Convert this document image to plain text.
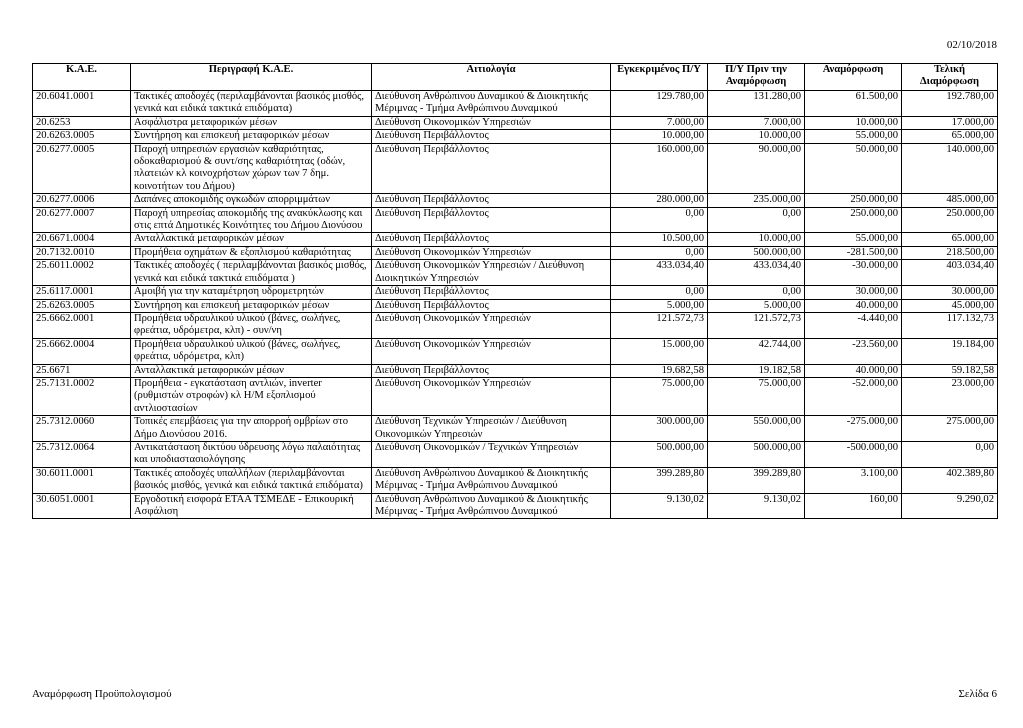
02/10/2018
Κ.Α.Ε.	Περιγραφή Κ.Α.Ε.	Αιτιολογία	Εγκεκριμένος Π/Υ	Π/Υ Πριν την Αναμόρφωση	Αναμόρφωση	Τελική Διαμόρφωση
20.6041.0001	Τακτικές αποδοχές (περιλαμβάνονται βασικός μισθός, γενικά και ειδικά τακτικά επιδόματα)	Διεύθυνση Ανθρώπινου Δυναμικού & Διοικητικής Μέριμνας - Τμήμα Ανθρώπινου Δυναμικού	129.780,00	131.280,00	61.500,00	192.780,00
20.6253	Ασφάλιστρα μεταφορικών μέσων	Διεύθυνση Οικονομικών Υπηρεσιών	7.000,00	7.000,00	10.000,00	17.000,00
20.6263.0005	Συντήρηση και επισκευή μεταφορικών μέσων	Διεύθυνση Περιβάλλοντος	10.000,00	10.000,00	55.000,00	65.000,00
20.6277.0005	Παροχή υπηρεσιών εργασιών καθαριότητας, οδοκαθαρισμού & συντ/σης καθαριότητας (οδών, πλατειών κλ κοινοχρήστων χώρων των 7 δημ. κοινοτήτων του Δήμου)	Διεύθυνση Περιβάλλοντος	160.000,00	90.000,00	50.000,00	140.000,00
20.6277.0006	Δαπάνες αποκομιδής ογκωδών απορριμμάτων	Διεύθυνση Περιβάλλοντος	280.000,00	235.000,00	250.000,00	485.000,00
20.6277.0007	Παροχή υπηρεσίας αποκομιδής της ανακύκλωσης και στις επτά Δημοτικές Κοινότητες του Δήμου Διονύσου	Διεύθυνση Περιβάλλοντος	0,00	0,00	250.000,00	250.000,00
20.6671.0004	Ανταλλακτικά μεταφορικών μέσων	Διεύθυνση Περιβάλλοντος	10.500,00	10.000,00	55.000,00	65.000,00
20.7132.0010	Προμήθεια οχημάτων & εξοπλισμού καθαριότητας	Διεύθυνση Οικονομικών Υπηρεσιών	0,00	500.000,00	-281.500,00	218.500,00
25.6011.0002	Τακτικές αποδοχές ( περιλαμβάνονται βασικός μισθός, γενικά και ειδικά τακτικά επιδόματα )	Διεύθυνση Οικονομικών Υπηρεσιών / Διεύθυνση Διοικητικών Υπηρεσιών	433.034,40	433.034,40	-30.000,00	403.034,40
25.6117.0001	Αμοιβή για την καταμέτρηση υδρομετρητών	Διεύθυνση Περιβάλλοντος	0,00	0,00	30.000,00	30.000,00
25.6263.0005	Συντήρηση και επισκευή μεταφορικών μέσων	Διεύθυνση Περιβάλλοντος	5.000,00	5.000,00	40.000,00	45.000,00
25.6662.0001	Προμήθεια υδραυλικού υλικού (βάνες, σωλήνες, φρεάτια, υδρόμετρα, κλπ) - συν/νη	Διεύθυνση Οικονομικών Υπηρεσιών	121.572,73	121.572,73	-4.440,00	117.132,73
25.6662.0004	Προμήθεια υδραυλικού υλικού (βάνες, σωλήνες, φρεάτια, υδρόμετρα, κλπ)	Διεύθυνση Οικονομικών Υπηρεσιών	15.000,00	42.744,00	-23.560,00	19.184,00
25.6671	Ανταλλακτικά μεταφορικών μέσων	Διεύθυνση Περιβάλλοντος	19.682,58	19.182,58	40.000,00	59.182,58
25.7131.0002	Προμήθεια - εγκατάσταση αντλιών, inverter (ρυθμιστών στροφών) κλ Η/Μ εξοπλισμού αντλιοστασίων	Διεύθυνση Οικονομικών Υπηρεσιών	75.000,00	75.000,00	-52.000,00	23.000,00
25.7312.0060	Τοπικές επεμβάσεις για την απορροή ομβρίων στο Δήμο Διονύσου 2016.	Διεύθυνση Τεχνικών Υπηρεσιών / Διεύθυνση Οικονομικών Υπηρεσιών	300.000,00	550.000,00	-275.000,00	275.000,00
25.7312.0064	Αντικατάσταση δικτύου ύδρευσης λόγω παλαιότητας και υποδιαστασιολόγησης	Διεύθυνση Οικονομικών / Τεχνικών Υπηρεσιών	500.000,00	500.000,00	-500.000,00	0,00
30.6011.0001	Τακτικές αποδοχές υπαλλήλων (περιλαμβάνονται βασικός μισθός, γενικά και ειδικά τακτικά επιδόματα)	Διεύθυνση Ανθρώπινου Δυναμικού & Διοικητικής Μέριμνας - Τμήμα Ανθρώπινου Δυναμικού	399.289,80	399.289,80	3.100,00	402.389,80
30.6051.0001	Εργοδοτική εισφορά ΕΤΑΑ ΤΣΜΕΔΕ - Επικουρική Ασφάλιση	Διεύθυνση Ανθρώπινου Δυναμικού & Διοικητικής Μέριμνας - Τμήμα Ανθρώπινου Δυναμικού	9.130,02	9.130,02	160,00	9.290,02
Αναμόρφωση Προϋπολογισμού	Σελίδα 6
